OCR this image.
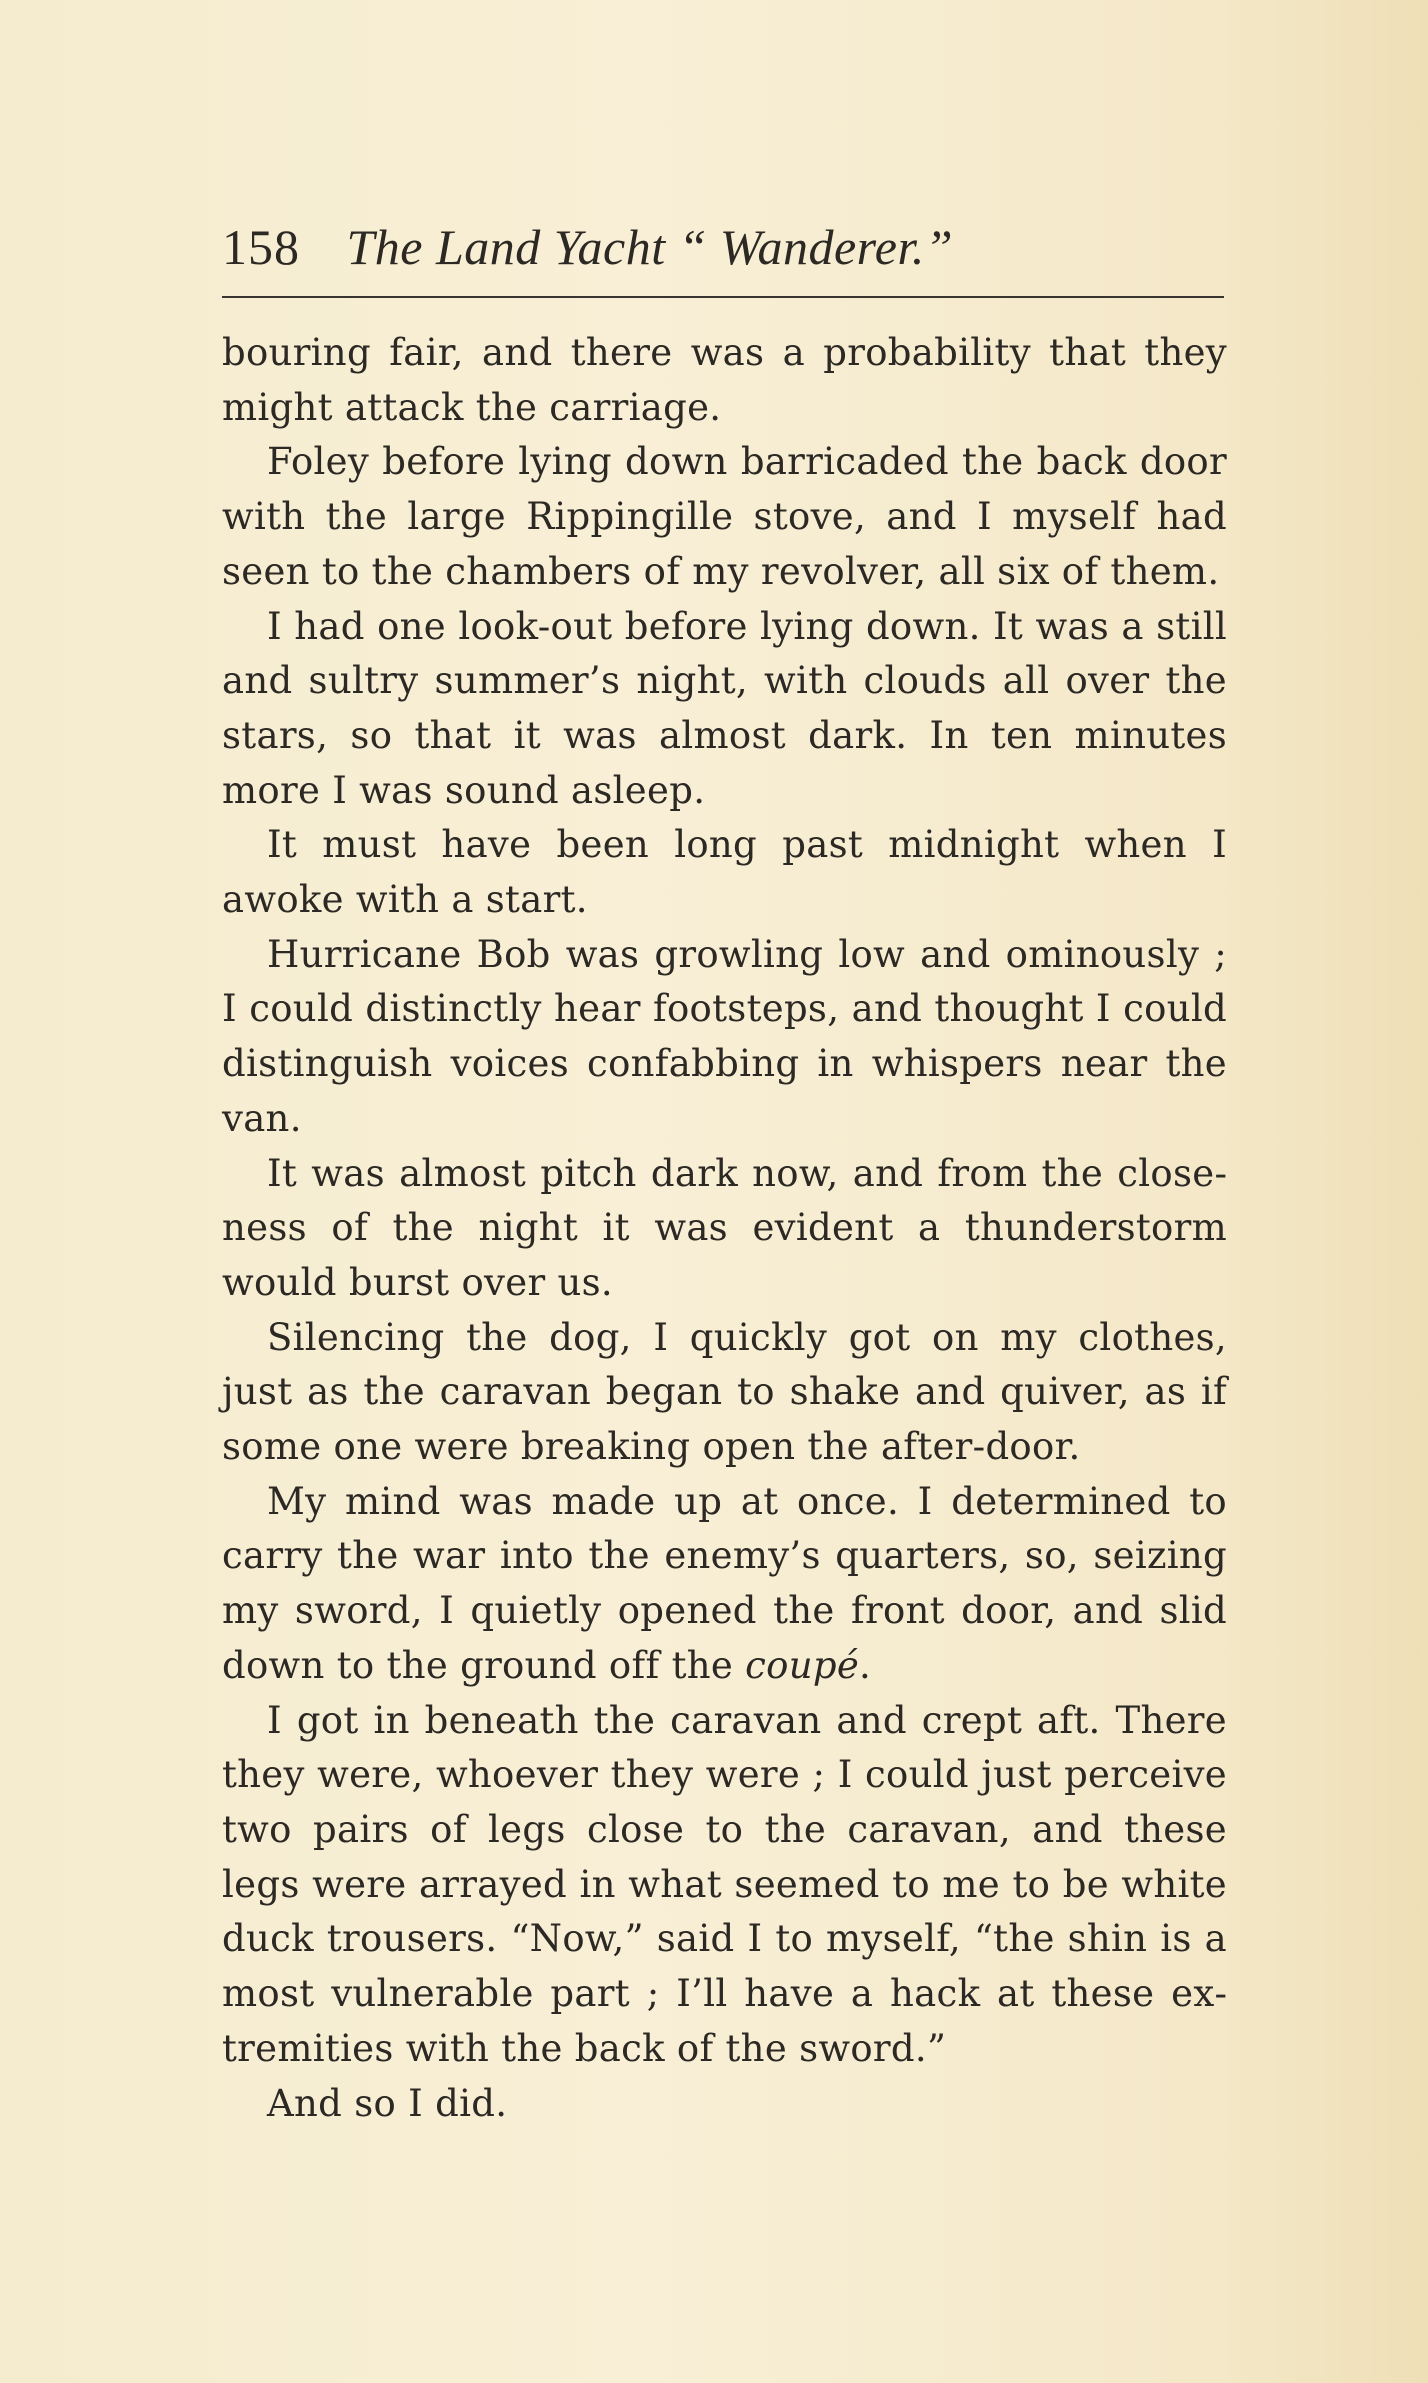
158 The Land Yacht “ Wanderer.”

bouring fair, and there was a probability that they might attack the carriage.

Foley before lying down barricaded the back door with the large Rippingille stove, and I myself had seen to the chambers of my revolver, all six of them.

I had one look-out before lying down. It was a still and sultry summer’s night, with clouds all over the stars, so that it was almost dark. In ten minutes more I was sound asleep.

It must have been long past midnight when I awoke with a start.

Hurricane Bob was growling low and ominously ; I could distinctly hear footsteps, and thought I could distinguish voices confabbing in whispers near the van.

It was almost pitch dark now, and from the closeness of the night it was evident a thunderstorm would burst over us.

Silencing the dog, I quickly got on my clothes, just as the caravan began to shake and quiver, as if some one were breaking open the after-door.

My mind was made up at once. I determined to carry the war into the enemy’s quarters, so, seizing my sword, I quietly opened the front door, and slid down to the ground off the coupé.

I got in beneath the caravan and crept aft. There they were, whoever they were ; I could just perceive two pairs of legs close to the caravan, and these legs were arrayed in what seemed to me to be white duck trousers. “Now,” said I to myself, “the shin is a most vulnerable part ; I’ll have a hack at these extremities with the back of the sword.”

And so I did.
